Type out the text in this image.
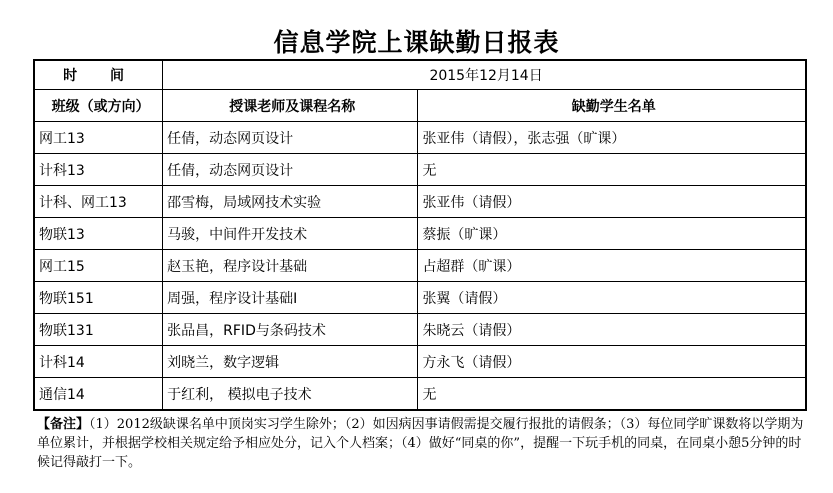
信息学院上课缺勤日报表
时 间	2015年12月14日	
班级（或方向）	授课老师及课程名称	缺勤学生名单
网工13	任倩，动态网页设计	张亚伟（请假），张志强（旷课）
计科13	任倩，动态网页设计	无
计科、网工13	邵雪梅，局域网技术实验	张亚伟（请假）
物联13	马骏，中间件开发技术	蔡振（旷课）
网工15	赵玉艳，程序设计基础	占超群（旷课）
物联151	周强，程序设计基础I	张翼（请假）
物联131	张品昌，RFID与条码技术	朱晓云（请假）
计科14	刘晓兰，数字逻辑	方永飞（请假）
通信14	于红利， 模拟电子技术	无
【备注】（1）2012级缺课名单中顶岗实习学生除外；（2）如因病因事请假需提交履行报批的请假条；（3）每位同学旷课数将以学期为单位累计，并根据学校相关规定给予相应处分，记入个人档案；（4）做好“同桌的你”，提醒一下玩手机的同桌，在同桌小憩5分钟的时候记得敲打一下。
